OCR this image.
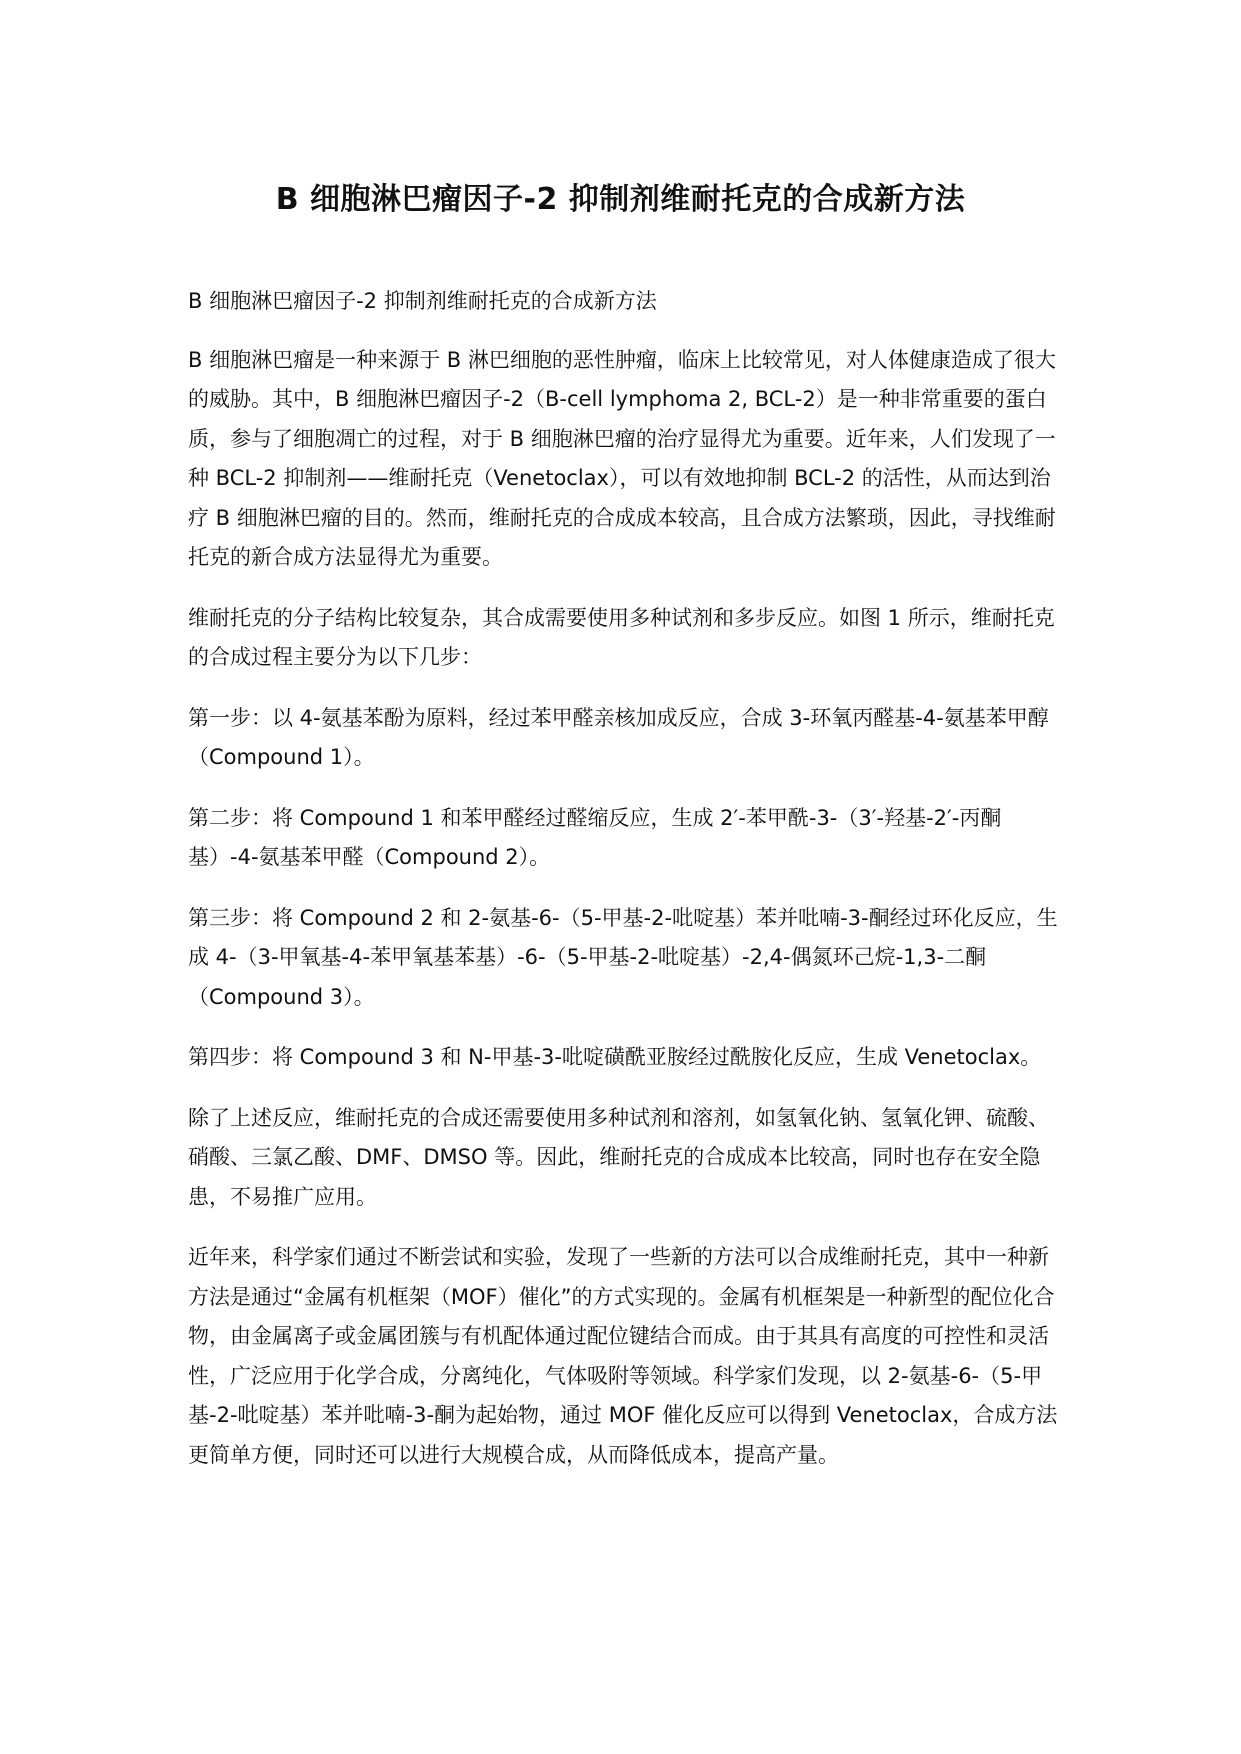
B 细胞淋巴瘤因子-2 抑制剂维耐托克的合成新方法

B 细胞淋巴瘤因子-2 抑制剂维耐托克的合成新方法

B 细胞淋巴瘤是一种来源于 B 淋巴细胞的恶性肿瘤，临床上比较常见，对人体健康造成了很大的威胁。其中，B 细胞淋巴瘤因子-2（B-cell lymphoma 2, BCL-2）是一种非常重要的蛋白质，参与了细胞凋亡的过程，对于 B 细胞淋巴瘤的治疗显得尤为重要。近年来，人们发现了一种 BCL-2 抑制剂——维耐托克（Venetoclax），可以有效地抑制 BCL-2 的活性，从而达到治疗 B 细胞淋巴瘤的目的。然而，维耐托克的合成成本较高，且合成方法繁琐，因此，寻找维耐托克的新合成方法显得尤为重要。

维耐托克的分子结构比较复杂，其合成需要使用多种试剂和多步反应。如图 1 所示，维耐托克的合成过程主要分为以下几步：

第一步：以 4-氨基苯酚为原料，经过苯甲醛亲核加成反应，合成 3-环氧丙醛基-4-氨基苯甲醇（Compound 1）。

第二步：将 Compound 1 和苯甲醛经过醛缩反应，生成 2′-苯甲酰-3-（3′-羟基-2′-丙酮基）-4-氨基苯甲醛（Compound 2）。

第三步：将 Compound 2 和 2-氨基-6-（5-甲基-2-吡啶基）苯并吡喃-3-酮经过环化反应，生成 4-（3-甲氧基-4-苯甲氧基苯基）-6-（5-甲基-2-吡啶基）-2,4-偶氮环己烷-1,3-二酮（Compound 3）。

第四步：将 Compound 3 和 N-甲基-3-吡啶磺酰亚胺经过酰胺化反应，生成 Venetoclax。

除了上述反应，维耐托克的合成还需要使用多种试剂和溶剂，如氢氧化钠、氢氧化钾、硫酸、硝酸、三氯乙酸、DMF、DMSO 等。因此，维耐托克的合成成本比较高，同时也存在安全隐患，不易推广应用。

近年来，科学家们通过不断尝试和实验，发现了一些新的方法可以合成维耐托克，其中一种新方法是通过“金属有机框架（MOF）催化”的方式实现的。金属有机框架是一种新型的配位化合物，由金属离子或金属团簇与有机配体通过配位键结合而成。由于其具有高度的可控性和灵活性，广泛应用于化学合成，分离纯化，气体吸附等领域。科学家们发现，以 2-氨基-6-（5-甲基-2-吡啶基）苯并吡喃-3-酮为起始物，通过 MOF 催化反应可以得到 Venetoclax，合成方法更简单方便，同时还可以进行大规模合成，从而降低成本，提高产量。
